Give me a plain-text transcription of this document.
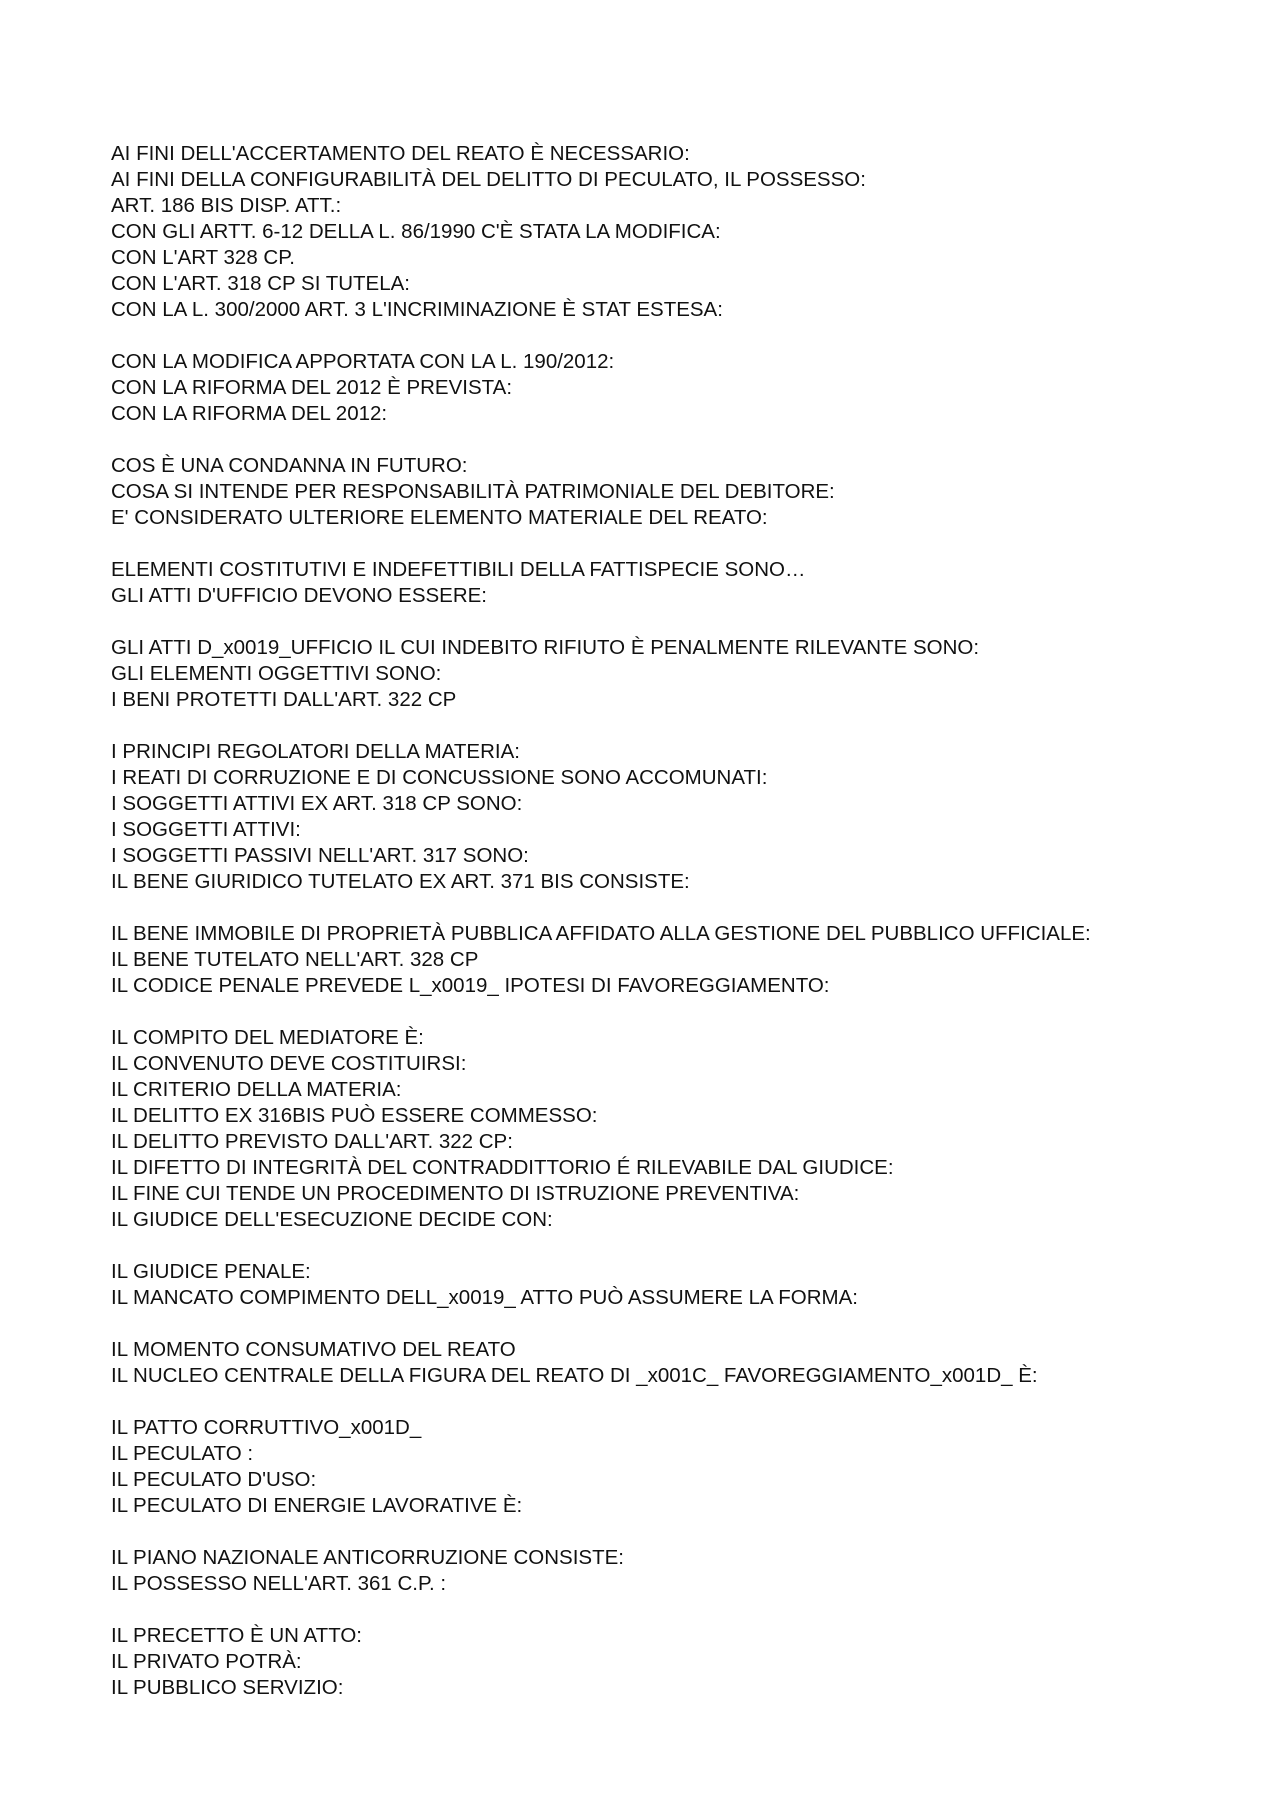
AI FINI DELL'ACCERTAMENTO DEL REATO È NECESSARIO:
AI FINI DELLA CONFIGURABILITÀ DEL DELITTO DI PECULATO, IL POSSESSO:
ART. 186 BIS DISP. ATT.:
CON GLI ARTT. 6-12 DELLA L. 86/1990 C'È STATA LA MODIFICA:
CON L'ART 328 CP.
CON L'ART. 318 CP SI TUTELA:
CON LA L. 300/2000 ART. 3 L'INCRIMINAZIONE È STAT ESTESA:
CON LA MODIFICA APPORTATA CON LA L. 190/2012:
CON LA RIFORMA DEL 2012 È PREVISTA:
CON LA RIFORMA DEL 2012:
COS È UNA CONDANNA IN FUTURO:
COSA SI INTENDE PER RESPONSABILITÀ PATRIMONIALE DEL DEBITORE:
E' CONSIDERATO ULTERIORE ELEMENTO MATERIALE DEL REATO:
ELEMENTI COSTITUTIVI E INDEFETTIBILI DELLA FATTISPECIE SONO…
GLI ATTI D'UFFICIO DEVONO ESSERE:
GLI ATTI D_x0019_UFFICIO IL CUI INDEBITO RIFIUTO È PENALMENTE RILEVANTE SONO:
GLI ELEMENTI OGGETTIVI SONO:
I BENI PROTETTI DALL'ART. 322 CP
I PRINCIPI REGOLATORI DELLA MATERIA:
I REATI DI CORRUZIONE E DI CONCUSSIONE SONO ACCOMUNATI:
I SOGGETTI ATTIVI EX ART. 318 CP SONO:
I SOGGETTI ATTIVI:
I SOGGETTI PASSIVI NELL'ART. 317 SONO:
IL BENE GIURIDICO TUTELATO EX ART. 371 BIS CONSISTE:
IL BENE IMMOBILE DI PROPRIETÀ PUBBLICA AFFIDATO ALLA GESTIONE DEL PUBBLICO UFFICIALE:
IL BENE TUTELATO NELL'ART. 328 CP
IL CODICE PENALE PREVEDE L_x0019_ IPOTESI DI FAVOREGGIAMENTO:
IL COMPITO DEL MEDIATORE È:
IL CONVENUTO DEVE COSTITUIRSI:
IL CRITERIO DELLA MATERIA:
IL DELITTO EX 316BIS PUÒ ESSERE COMMESSO:
IL DELITTO PREVISTO DALL'ART. 322 CP:
IL DIFETTO DI INTEGRITÀ DEL CONTRADDITTORIO É RILEVABILE DAL GIUDICE:
IL FINE CUI TENDE UN PROCEDIMENTO DI ISTRUZIONE PREVENTIVA:
IL GIUDICE DELL'ESECUZIONE DECIDE CON:
IL GIUDICE PENALE:
IL MANCATO COMPIMENTO DELL_x0019_ ATTO PUÒ ASSUMERE LA FORMA:
IL MOMENTO CONSUMATIVO DEL REATO
IL NUCLEO CENTRALE DELLA FIGURA DEL REATO DI _x001C_ FAVOREGGIAMENTO_x001D_ È:
IL PATTO CORRUTTIVO_x001D_
IL PECULATO :
IL PECULATO D'USO:
IL PECULATO DI ENERGIE LAVORATIVE È:
IL PIANO NAZIONALE ANTICORRUZIONE CONSISTE:
IL POSSESSO NELL'ART. 361 C.P. :
IL PRECETTO È UN ATTO:
IL PRIVATO POTRÀ:
IL PUBBLICO SERVIZIO:
